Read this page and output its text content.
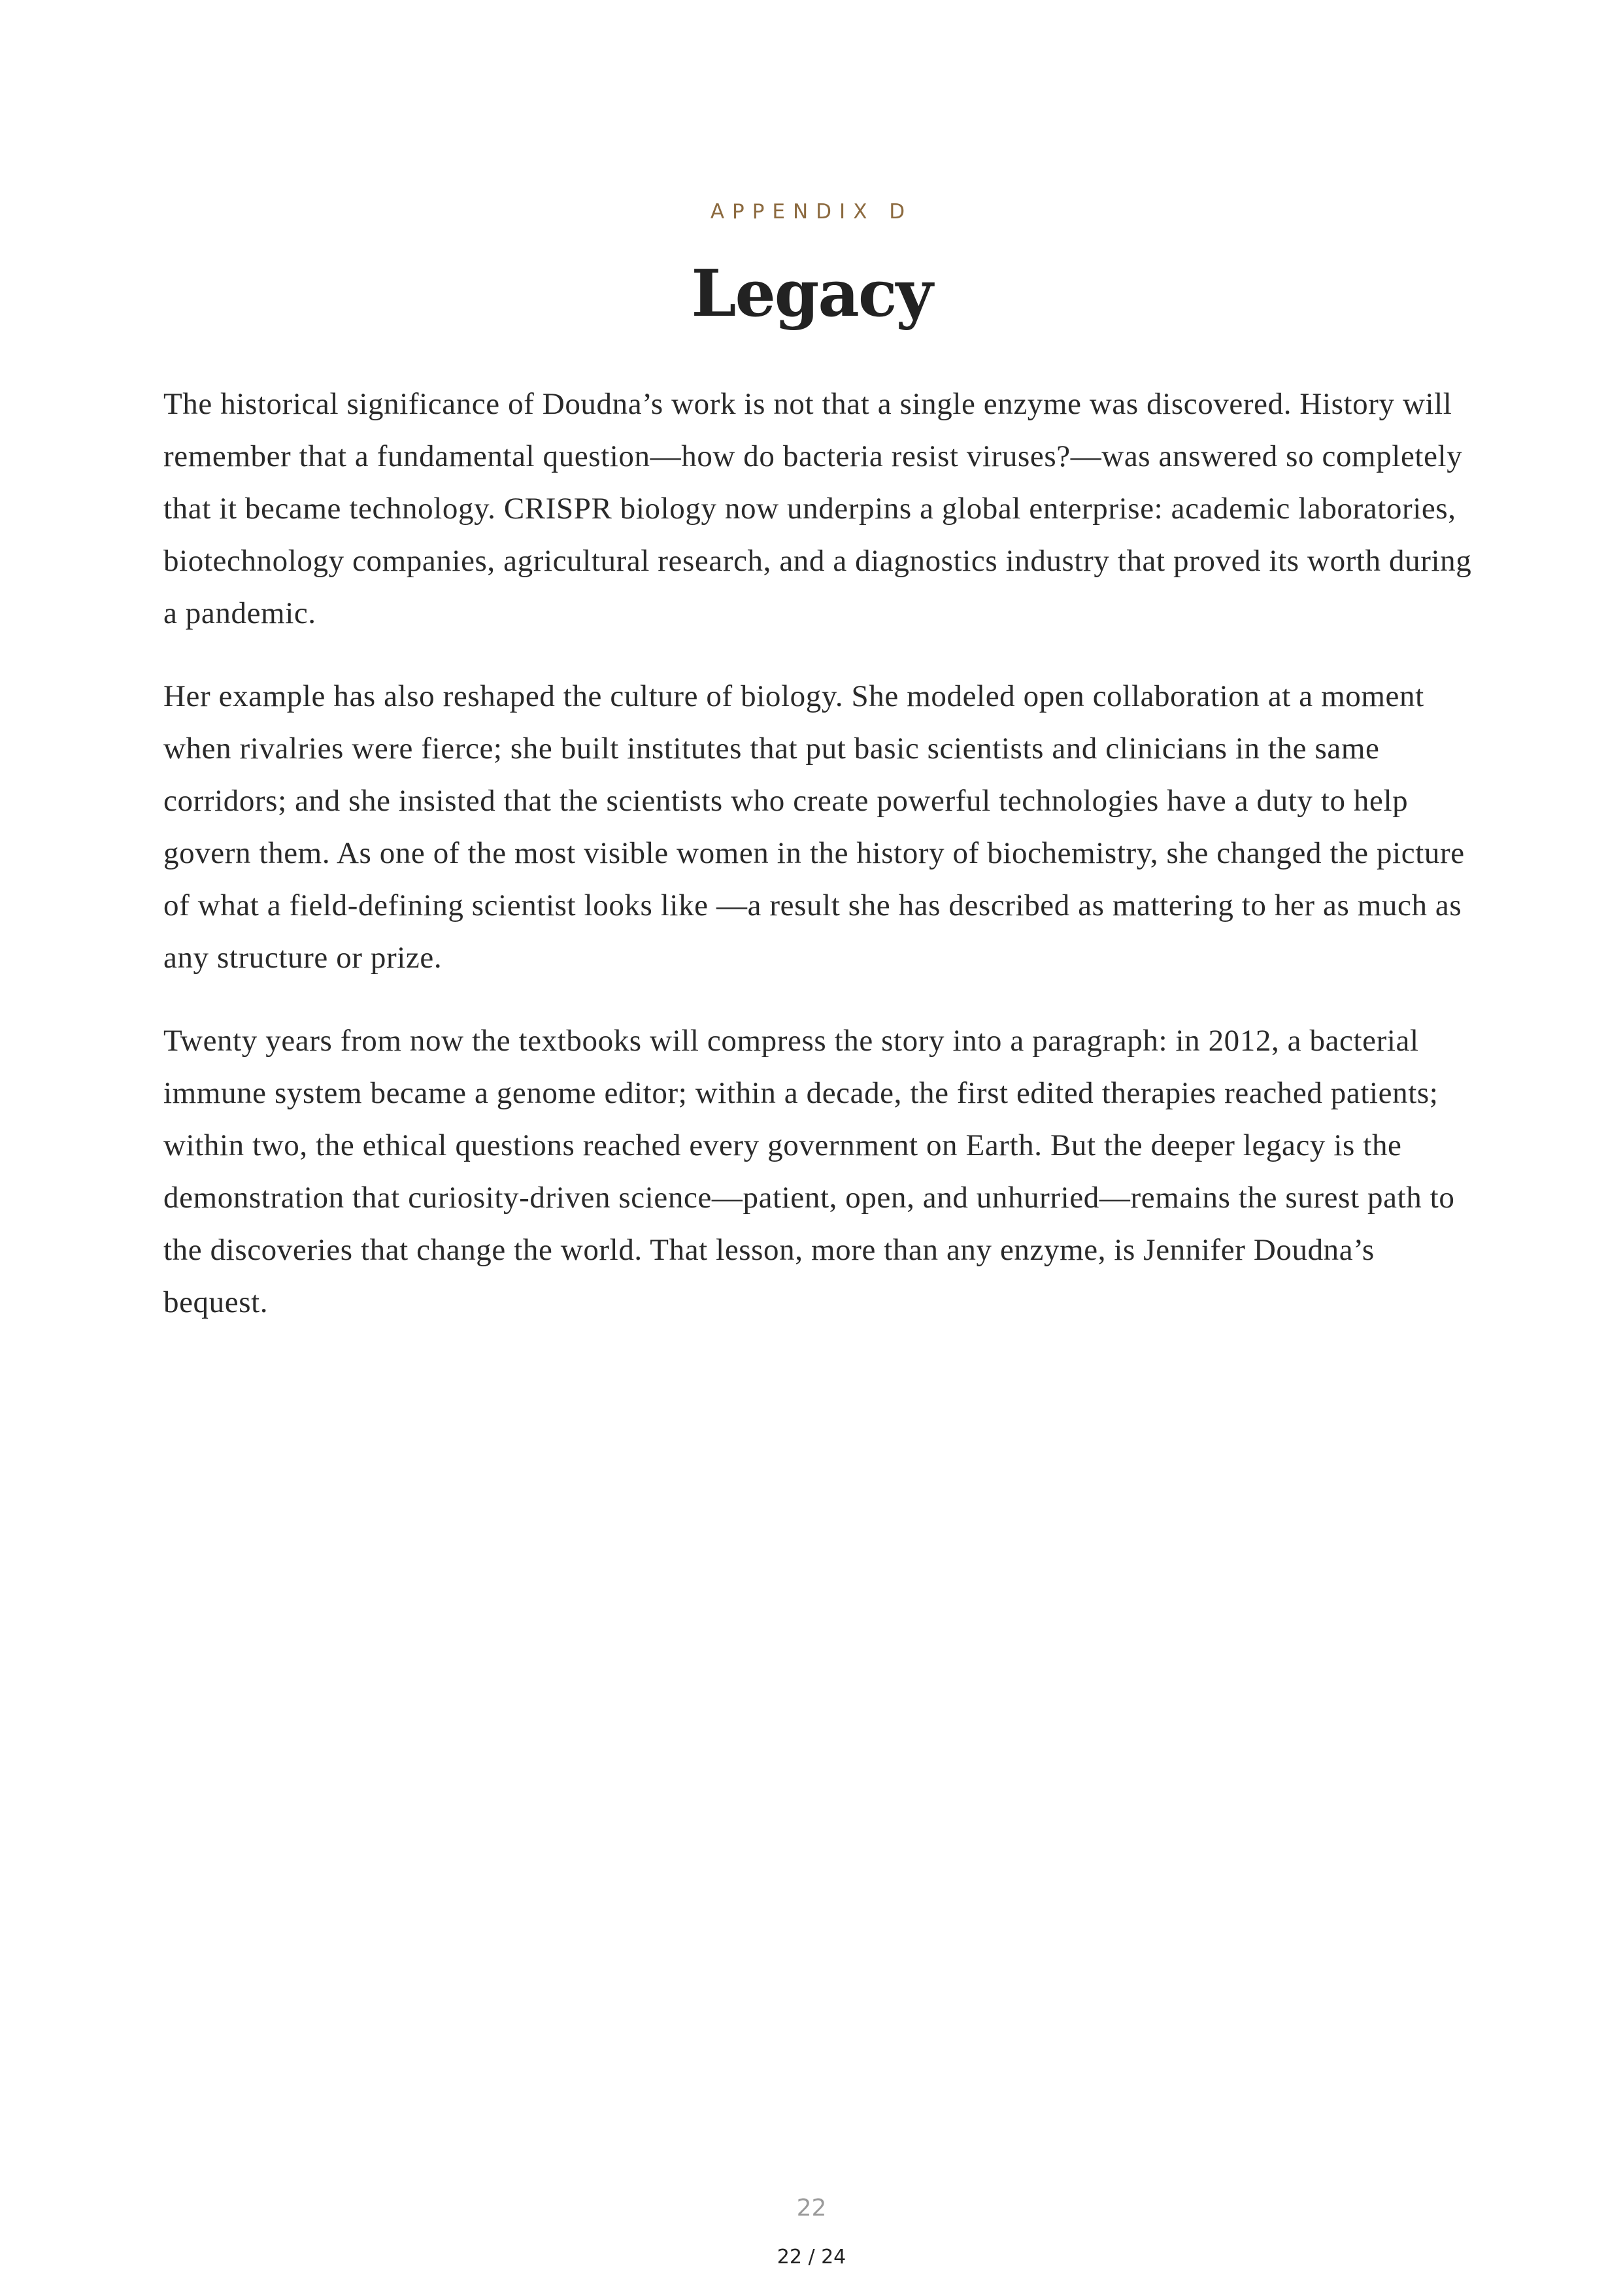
APPENDIX D
Legacy

The historical significance of Doudna’s work is not that a single enzyme was discovered. History will remember that a fundamental question—how do bacteria resist viruses?—was answered so completely that it became technology. CRISPR biology now underpins a global enterprise: academic laboratories, biotechnology companies, agricultural research, and a diagnostics industry that proved its worth during a pandemic.

Her example has also reshaped the culture of biology. She modeled open collaboration at a moment when rivalries were fierce; she built institutes that put basic scientists and clinicians in the same corridors; and she insisted that the scientists who create powerful technologies have a duty to help govern them. As one of the most visible women in the history of biochemistry, she changed the picture of what a field-defining scientist looks like —a result she has described as mattering to her as much as any structure or prize.

Twenty years from now the textbooks will compress the story into a paragraph: in 2012, a bacterial immune system became a genome editor; within a decade, the first edited therapies reached patients; within two, the ethical questions reached every government on Earth. But the deeper legacy is the demonstration that curiosity-driven science—patient, open, and unhurried—remains the surest path to the discoveries that change the world. That lesson, more than any enzyme, is Jennifer Doudna’s bequest.

22
22 / 24
